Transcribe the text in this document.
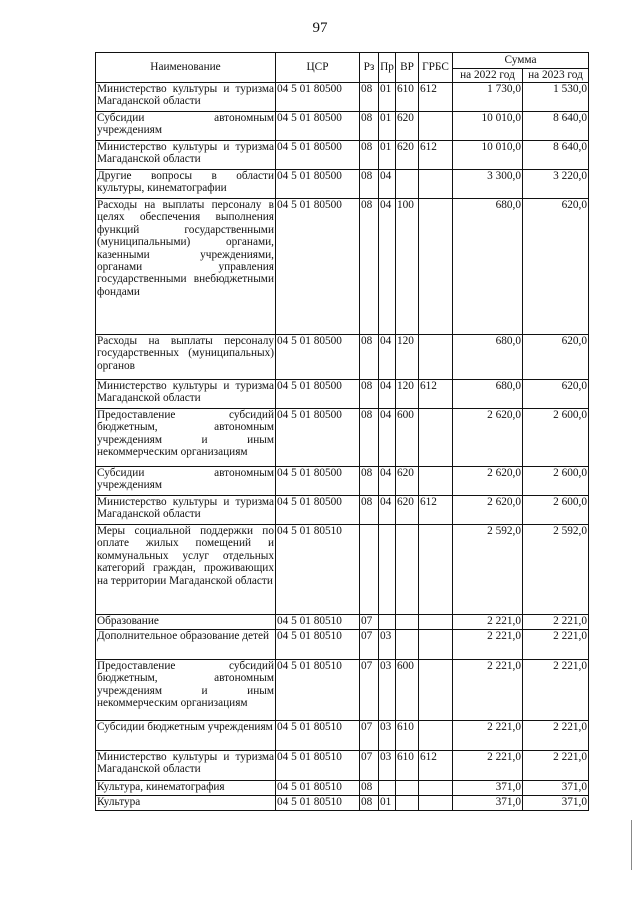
97
Наименование	ЦСР	Рз	Пр	ВР	ГРБС	Сумма	
						на 2022 год	на 2023 год
Министерство культуры и туризма Магаданской области	04 5 01 80500	08	01	610	612	1 730,0	1 530,0
Субсидии автономным учреждениям	04 5 01 80500	08	01	620		10 010,0	8 640,0
Министерство культуры и туризма Магаданской области	04 5 01 80500	08	01	620	612	10 010,0	8 640,0
Другие вопросы в области культуры, кинематографии	04 5 01 80500	08	04			3 300,0	3 220,0
Расходы на выплаты персоналу в целях обеспечения выполнения функций государственными (муниципальными) органами, казенными учреждениями, органами управления государственными внебюджетными фондами	04 5 01 80500	08	04	100		680,0	620,0
Расходы на выплаты персоналу государственных (муниципальных) органов	04 5 01 80500	08	04	120		680,0	620,0
Министерство культуры и туризма Магаданской области	04 5 01 80500	08	04	120	612	680,0	620,0
Предоставление субсидий бюджетным, автономным учреждениям и иным некоммерческим организациям	04 5 01 80500	08	04	600		2 620,0	2 600,0
Субсидии автономным учреждениям	04 5 01 80500	08	04	620		2 620,0	2 600,0
Министерство культуры и туризма Магаданской области	04 5 01 80500	08	04	620	612	2 620,0	2 600,0
Меры социальной поддержки по оплате жилых помещений и коммунальных услуг отдельных категорий граждан, проживающих на территории Магаданской области	04 5 01 80510					2 592,0	2 592,0
Образование	04 5 01 80510	07				2 221,0	2 221,0
Дополнительное образование детей	04 5 01 80510	07	03			2 221,0	2 221,0
Предоставление субсидий бюджетным, автономным учреждениям и иным некоммерческим организациям	04 5 01 80510	07	03	600		2 221,0	2 221,0
Субсидии бюджетным учреждениям	04 5 01 80510	07	03	610		2 221,0	2 221,0
Министерство культуры и туризма Магаданской области	04 5 01 80510	07	03	610	612	2 221,0	2 221,0
Культура, кинематография	04 5 01 80510	08				371,0	371,0
Культура	04 5 01 80510	08	01			371,0	371,0
